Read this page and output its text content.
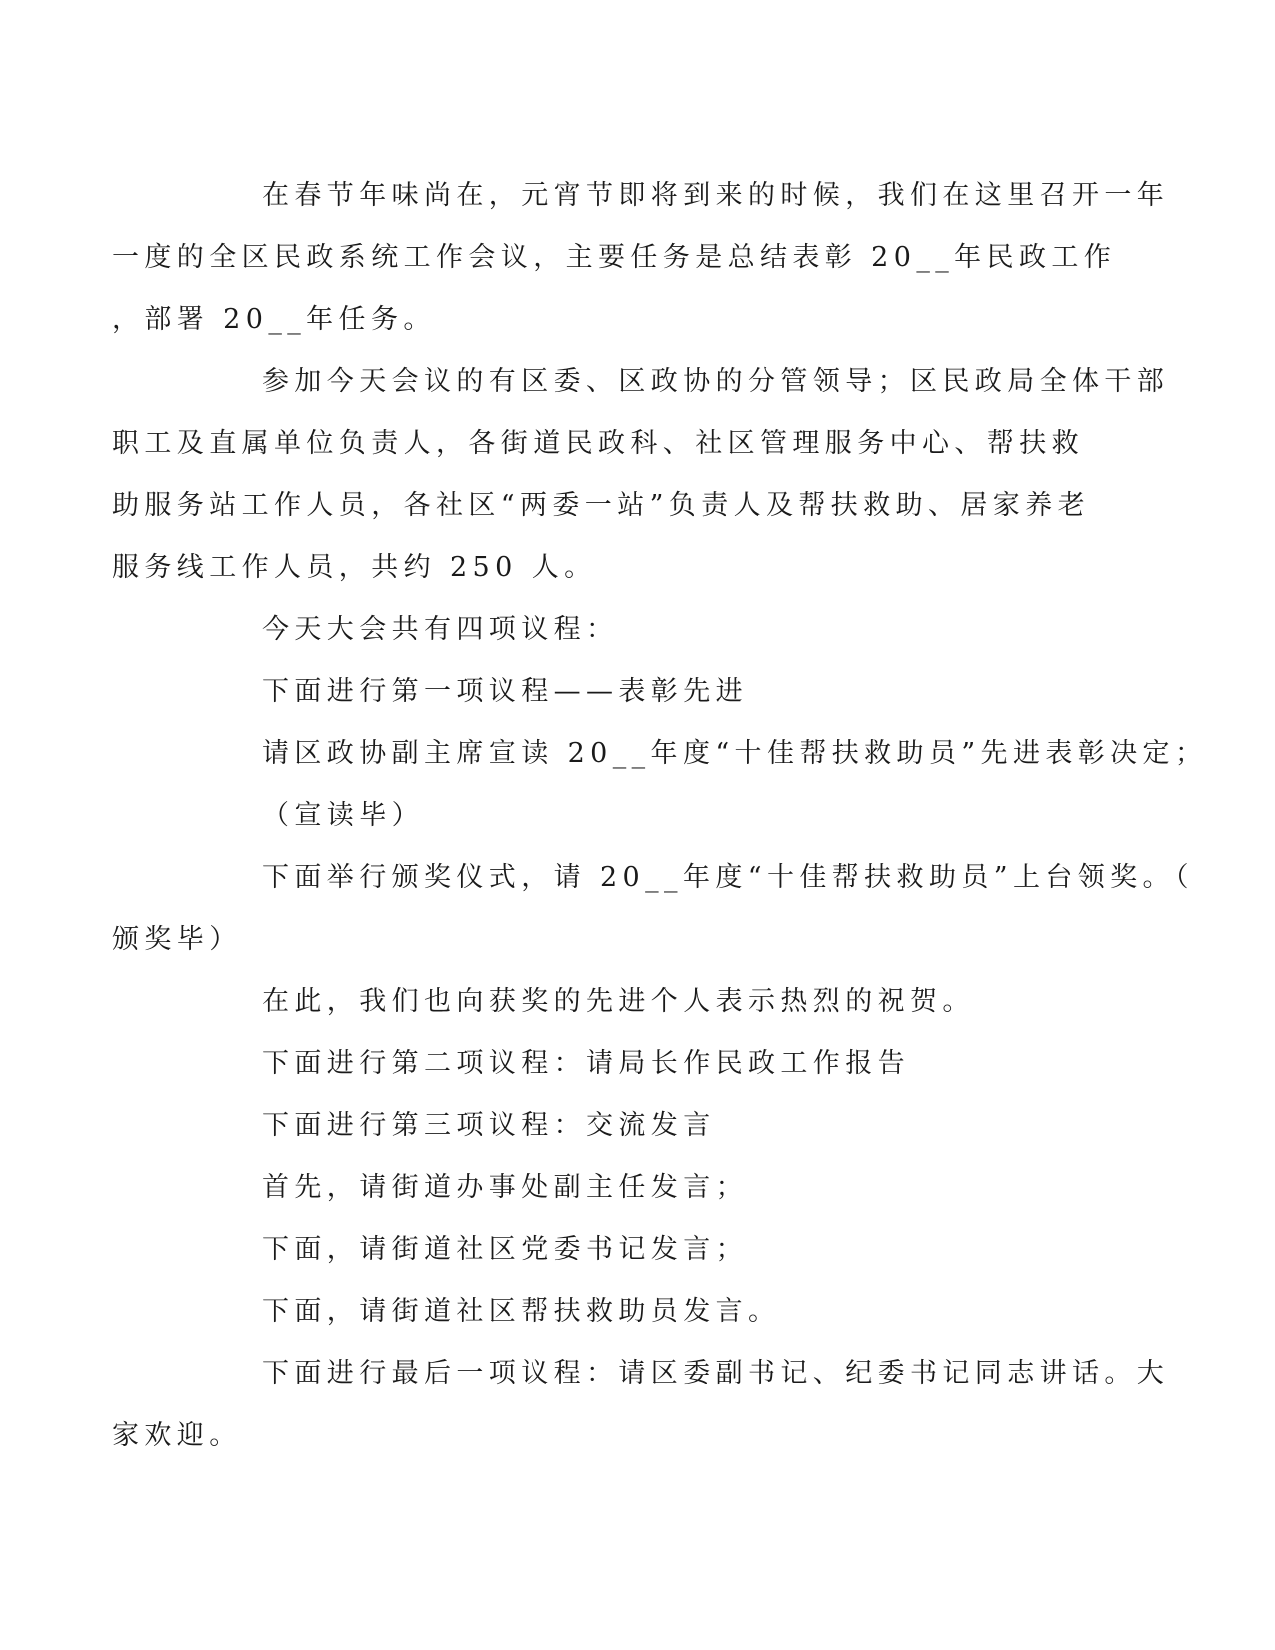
在春节年味尚在，元宵节即将到来的时候，我们在这里召开一年
一度的全区民政系统工作会议，主要任务是总结表彰 20__年民政工作
，部署 20__年任务。

参加今天会议的有区委、区政协的分管领导；区民政局全体干部
职工及直属单位负责人，各街道民政科、社区管理服务中心、帮扶救
助服务站工作人员，各社区“两委一站”负责人及帮扶救助、居家养老
服务线工作人员，共约 250 人。

今天大会共有四项议程：

下面进行第一项议程——表彰先进

请区政协副主席宣读 20__年度“十佳帮扶救助员”先进表彰决定；

（宣读毕）

下面举行颁奖仪式，请 20__年度“十佳帮扶救助员”上台领奖。（
颁奖毕）

在此，我们也向获奖的先进个人表示热烈的祝贺。

下面进行第二项议程：请局长作民政工作报告

下面进行第三项议程：交流发言

首先，请街道办事处副主任发言；

下面，请街道社区党委书记发言；

下面，请街道社区帮扶救助员发言。

下面进行最后一项议程：请区委副书记、纪委书记同志讲话。大
家欢迎。
